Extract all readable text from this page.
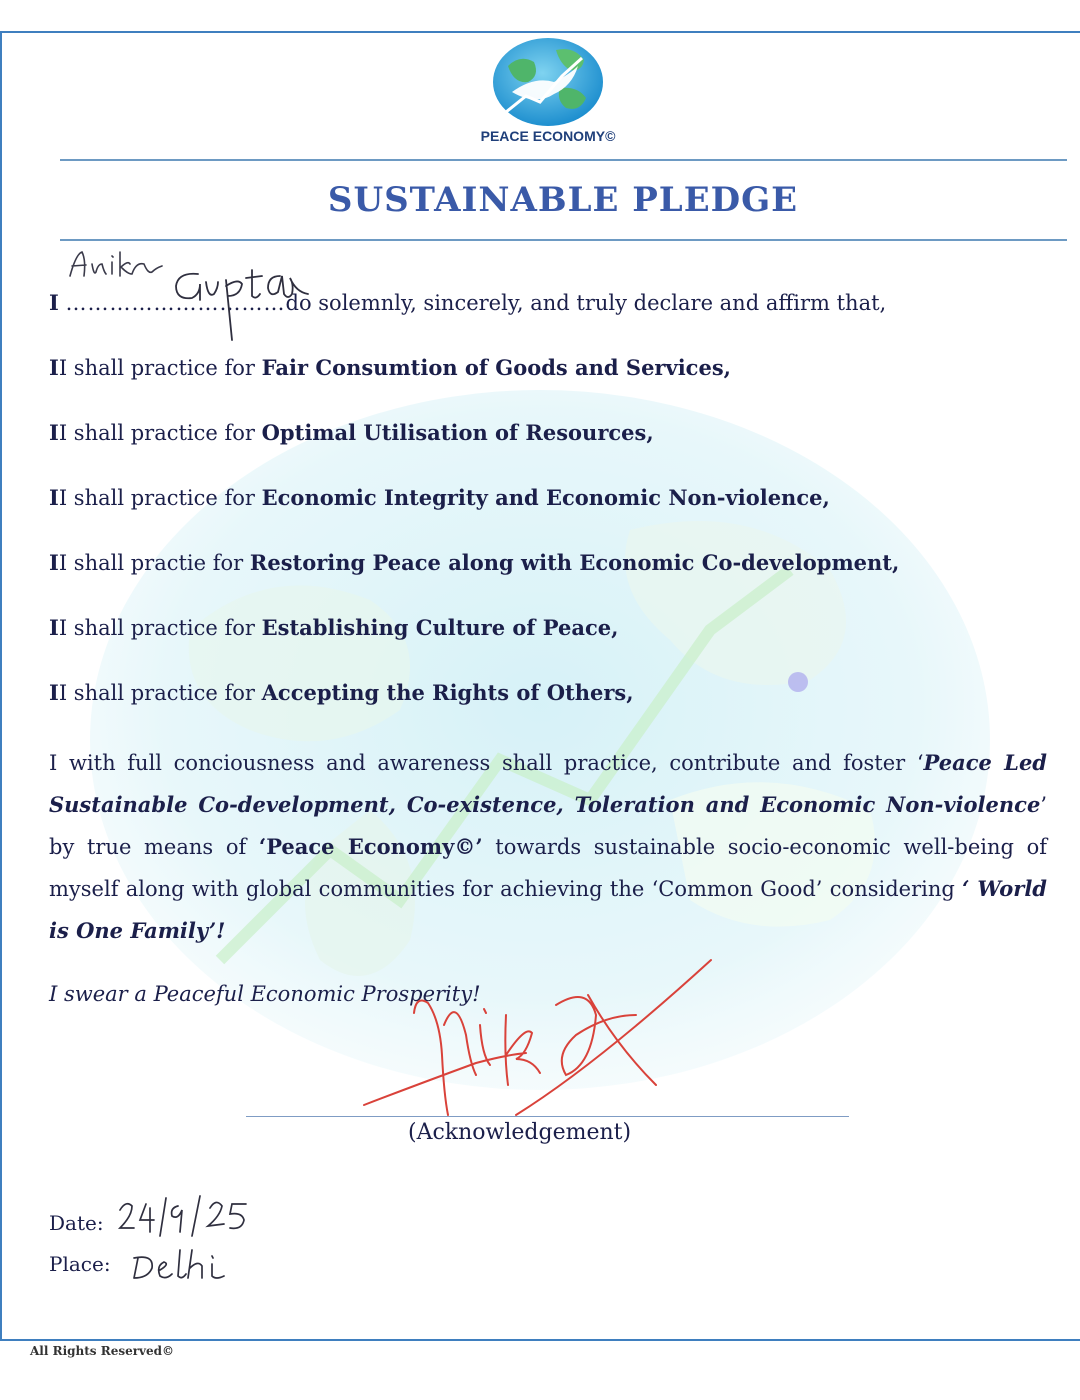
PEACE ECONOMY©
SUSTAINABLE PLEDGE
I …………………………do solemnly, sincerely, and truly declare and affirm that,
II shall practice for Fair Consumtion of Goods and Services,
II shall practice for Optimal Utilisation of Resources,
II shall practice for Economic Integrity and Economic Non-violence,
II shall practie for Restoring Peace along with Economic Co-development,
II shall practice for Establishing Culture of Peace,
II shall practice for Accepting the Rights of Others,
I with full conciousness and awareness shall practice, contribute and foster ‘Peace Led Sustainable Co-development, Co-existence, Toleration and Economic Non-violence’ by true means of ‘Peace Economy©’ towards sustainable socio-economic well-being of myself along with global communities for achieving the ‘Common Good’ considering ‘ World is One Family’!
I swear a Peaceful Economic Prosperity!
(Acknowledgement)
Date:
Place:
All Rights Reserved©
